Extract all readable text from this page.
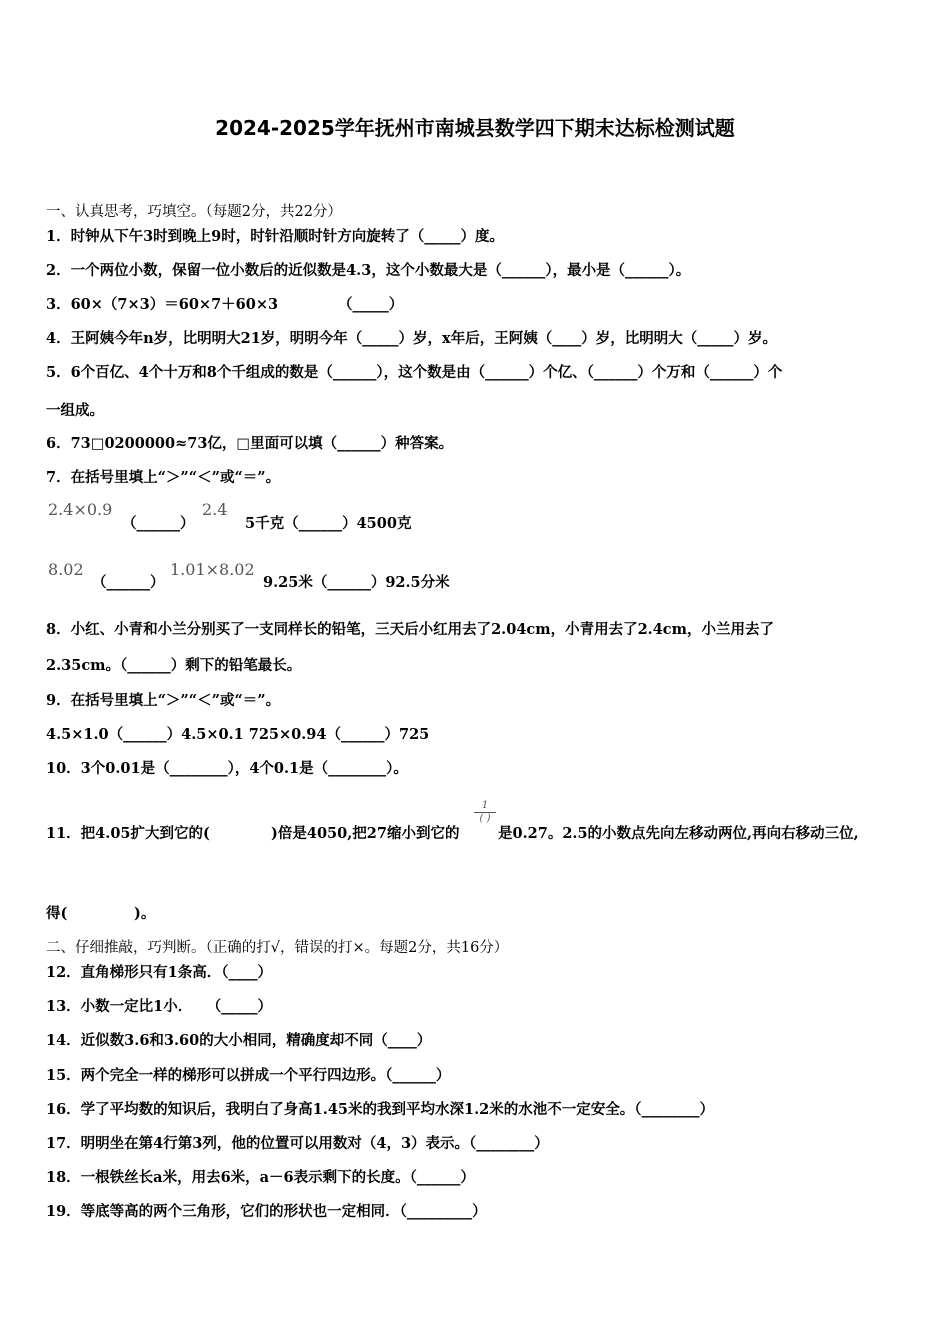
2024-2025学年抚州市南城县数学四下期末达标检测试题
一、认真思考，巧填空。（每题2分，共22分）
1．时钟从下午3时到晚上9时，时针沿顺时针方向旋转了（_____）度。
2．一个两位小数，保留一位小数后的近似数是4.3，这个小数最大是（______），最小是（______）。
3．60×（7×3）＝60×7＋60×3	（_____）
4．王阿姨今年n岁，比明明大21岁，明明今年（_____）岁，x年后，王阿姨（____）岁，比明明大（_____）岁。
5．6个百亿、4个十万和8个千组成的数是（______），这个数是由（______）个亿、（______）个万和（______）个
一组成。
6．73□0200000≈73亿，□里面可以填（______）种答案。
7．在括号里填上“＞”“＜”或“＝”。
2.4×0.9
（______）
2.4
5千克（______）4500克
8.02
（______）
1.01×8.02
9.25米（______）92.5分米
8．小红、小青和小兰分别买了一支同样长的铅笔，三天后小红用去了2.04cm，小青用去了2.4cm，小兰用去了
2.35cm。（______）剩下的铅笔最长。
9．在括号里填上“＞”“＜”或“＝”。
4.5×1.0（______）4.5×0.1 725×0.94（______）725
10．3个0.01是（________），4个0.1是（________）。
11．把4.05扩大到它的(	)倍是4050,把27缩小到它的
1
( )
是0.27。2.5的小数点先向左移动两位,再向右移动三位,
得(	)。
二、仔细推敲，巧判断。（正确的打√，错误的打×。每题2分，共16分）
12．直角梯形只有1条高．（____）
13．小数一定比1小．　　（_____）
14．近似数3.6和3.60的大小相同，精确度却不同（____）
15．两个完全一样的梯形可以拼成一个平行四边形。（______）
16．学了平均数的知识后，我明白了身高1.45米的我到平均水深1.2米的水池不一定安全。（________）
17．明明坐在第4行第3列，他的位置可以用数对（4，3）表示。（________）
18．一根铁丝长a米，用去6米，a－6表示剩下的长度。（______）
19．等底等高的两个三角形，它们的形状也一定相同．（_________）
